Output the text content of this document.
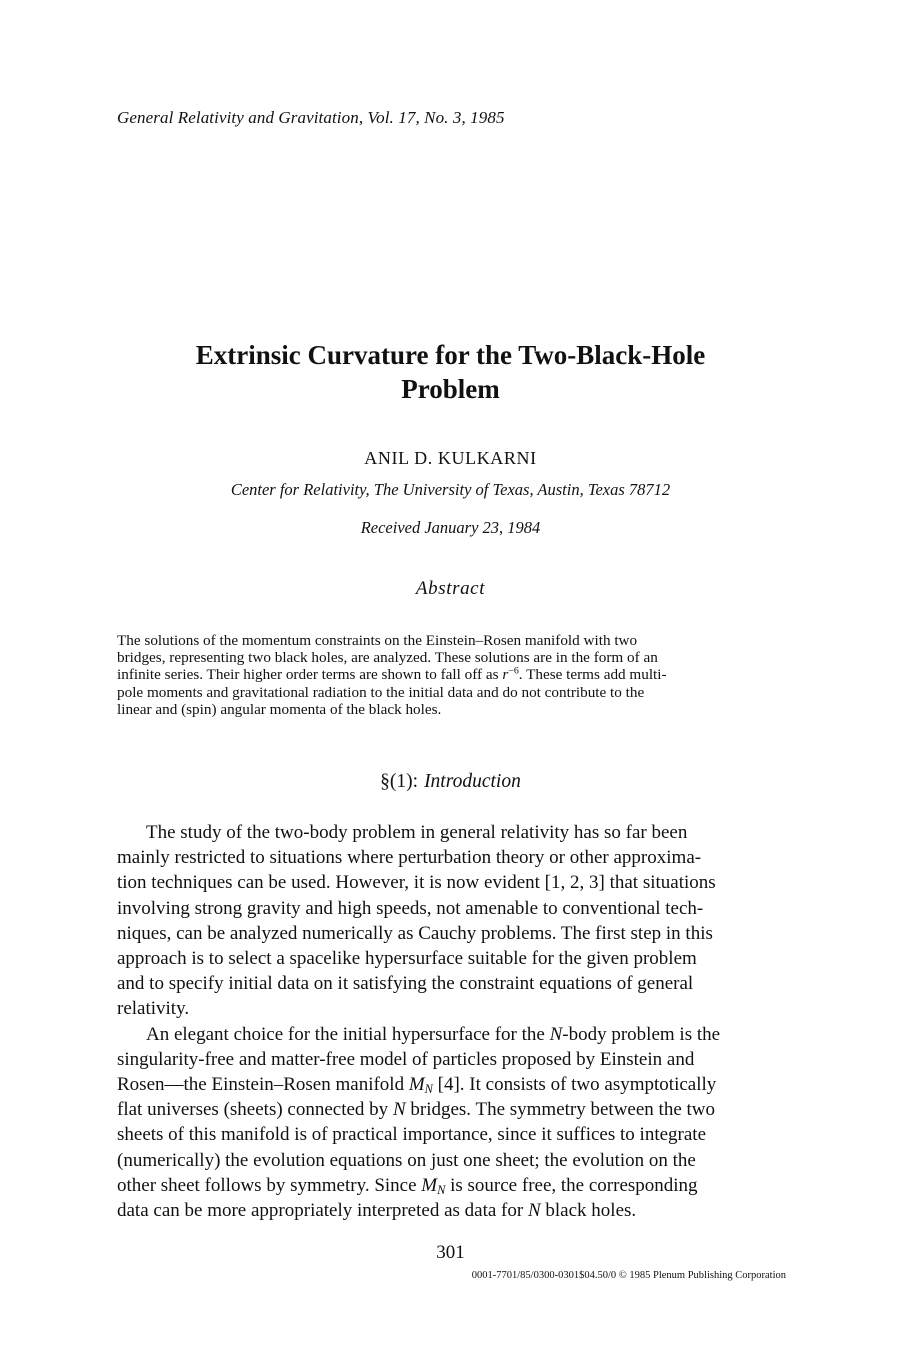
General Relativity and Gravitation, Vol. 17, No. 3, 1985
Extrinsic Curvature for the Two-Black-Hole
Problem
ANIL D. KULKARNI
Center for Relativity, The University of Texas, Austin, Texas 78712
Received January 23, 1984
Abstract
The solutions of the momentum constraints on the Einstein–Rosen manifold with two
bridges, representing two black holes, are analyzed. These solutions are in the form of an
infinite series. Their higher order terms are shown to fall off as $r^{-6}$. These terms add multi-
pole moments and gravitational radiation to the initial data and do not contribute to the
linear and (spin) angular momenta of the black holes.
§(1): Introduction
The study of the two-body problem in general relativity has so far been
mainly restricted to situations where perturbation theory or other approxima-
tion techniques can be used. However, it is now evident [1, 2, 3] that situations
involving strong gravity and high speeds, not amenable to conventional tech-
niques, can be analyzed numerically as Cauchy problems. The first step in this
approach is to select a spacelike hypersurface suitable for the given problem
and to specify initial data on it satisfying the constraint equations of general
relativity.
An elegant choice for the initial hypersurface for the N-body problem is the
singularity-free and matter-free model of particles proposed by Einstein and
Rosen—the Einstein–Rosen manifold $M_N$ [4]. It consists of two asymptotically
flat universes (sheets) connected by N bridges. The symmetry between the two
sheets of this manifold is of practical importance, since it suffices to integrate
(numerically) the evolution equations on just one sheet; the evolution on the
other sheet follows by symmetry. Since $M_N$ is source free, the corresponding
data can be more appropriately interpreted as data for N black holes.
301
0001-7701/85/0300-0301$04.50/0 © 1985 Plenum Publishing Corporation
